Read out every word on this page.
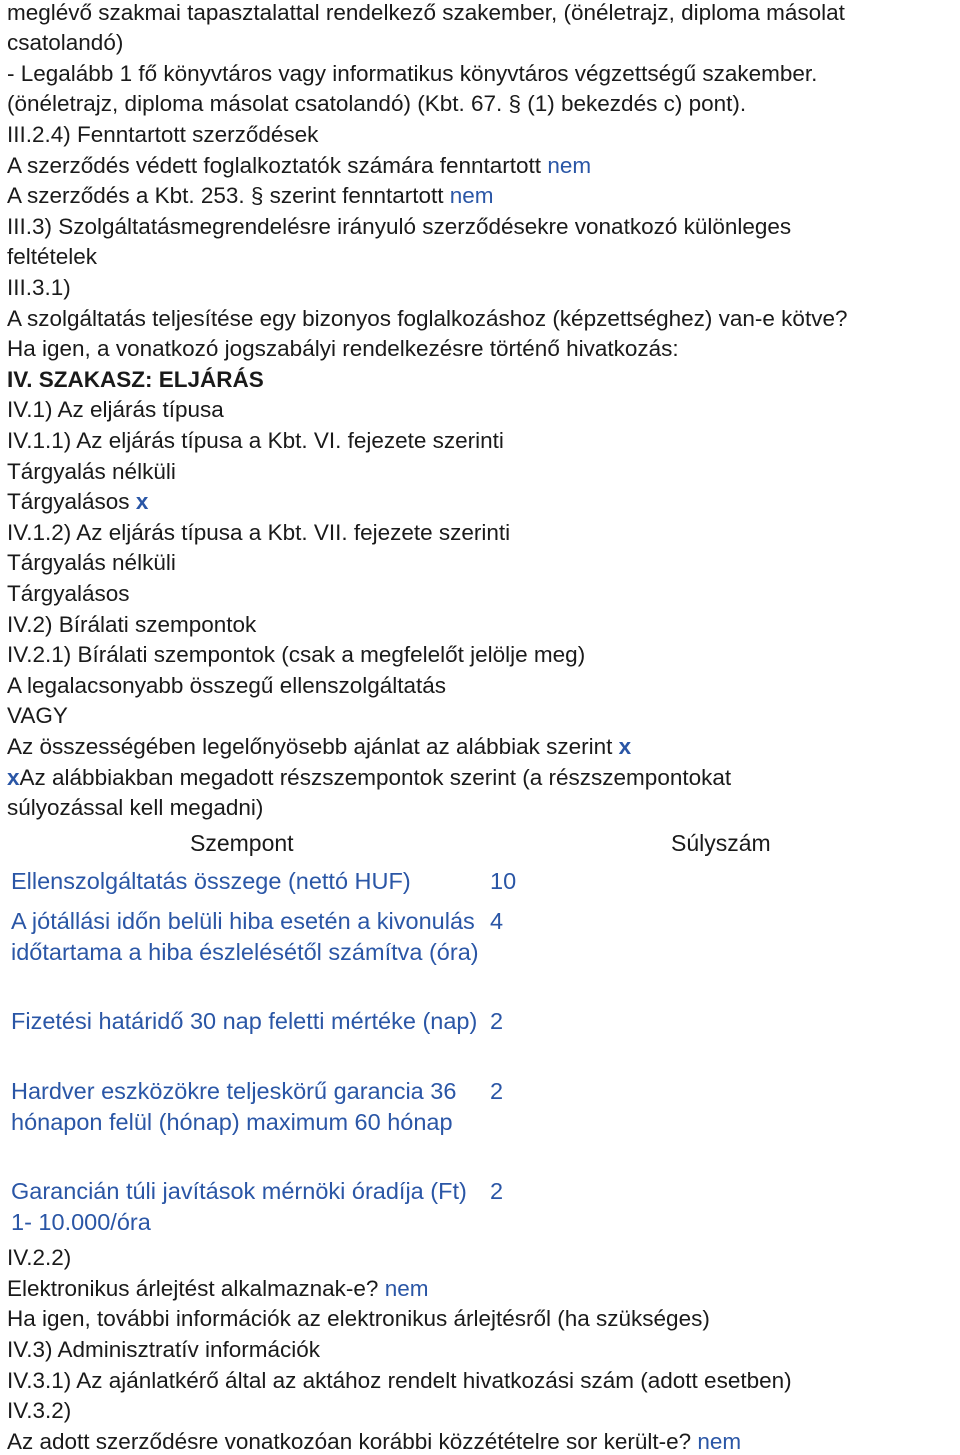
meglévő szakmai tapasztalattal rendelkező szakember, (önéletrajz, diploma másolat
csatolandó)
- Legalább 1 fő könyvtáros vagy informatikus könyvtáros végzettségű szakember.
(önéletrajz, diploma másolat csatolandó) (Kbt. 67. § (1) bekezdés c) pont).
III.2.4) Fenntartott szerződések
A szerződés védett foglalkoztatók számára fenntartott nem
A szerződés a Kbt. 253. § szerint fenntartott nem
III.3) Szolgáltatásmegrendelésre irányuló szerződésekre vonatkozó különleges
feltételek
III.3.1)
A szolgáltatás teljesítése egy bizonyos foglalkozáshoz (képzettséghez) van-e kötve?
Ha igen, a vonatkozó jogszabályi rendelkezésre történő hivatkozás:
IV. SZAKASZ: ELJÁRÁS
IV.1) Az eljárás típusa
IV.1.1) Az eljárás típusa a Kbt. VI. fejezete szerinti
Tárgyalás nélküli
Tárgyalásos x
IV.1.2) Az eljárás típusa a Kbt. VII. fejezete szerinti
Tárgyalás nélküli
Tárgyalásos
IV.2) Bírálati szempontok
IV.2.1) Bírálati szempontok (csak a megfelelőt jelölje meg)
A legalacsonyabb összegű ellenszolgáltatás
VAGY
Az összességében legelőnyösebb ajánlat az alábbiak szerint x
xAz alábbiakban megadott részszempontok szerint (a részszempontokat
súlyozással kell megadni)
Szempont	Súlyszám
Ellenszolgáltatás összege (nettó HUF)	10
A jótállási időn belüli hiba esetén a kivonulás időtartama a hiba észlelésétől számítva (óra)
4
Fizetési határidő 30 nap feletti mértéke (nap) 2
Hardver eszközökre teljeskörű garancia 36 hónapon felül (hónap) maximum 60 hónap
2
Garancián túli javítások mérnöki óradíja (Ft) 1- 10.000/óra
2
IV.2.2)
Elektronikus árlejtést alkalmaznak-e? nem
Ha igen, további információk az elektronikus árlejtésről (ha szükséges)
IV.3) Adminisztratív információk
IV.3.1) Az ajánlatkérő által az aktához rendelt hivatkozási szám (adott esetben)
IV.3.2)
Az adott szerződésre vonatkozóan korábbi közzétételre sor került-e? nem
